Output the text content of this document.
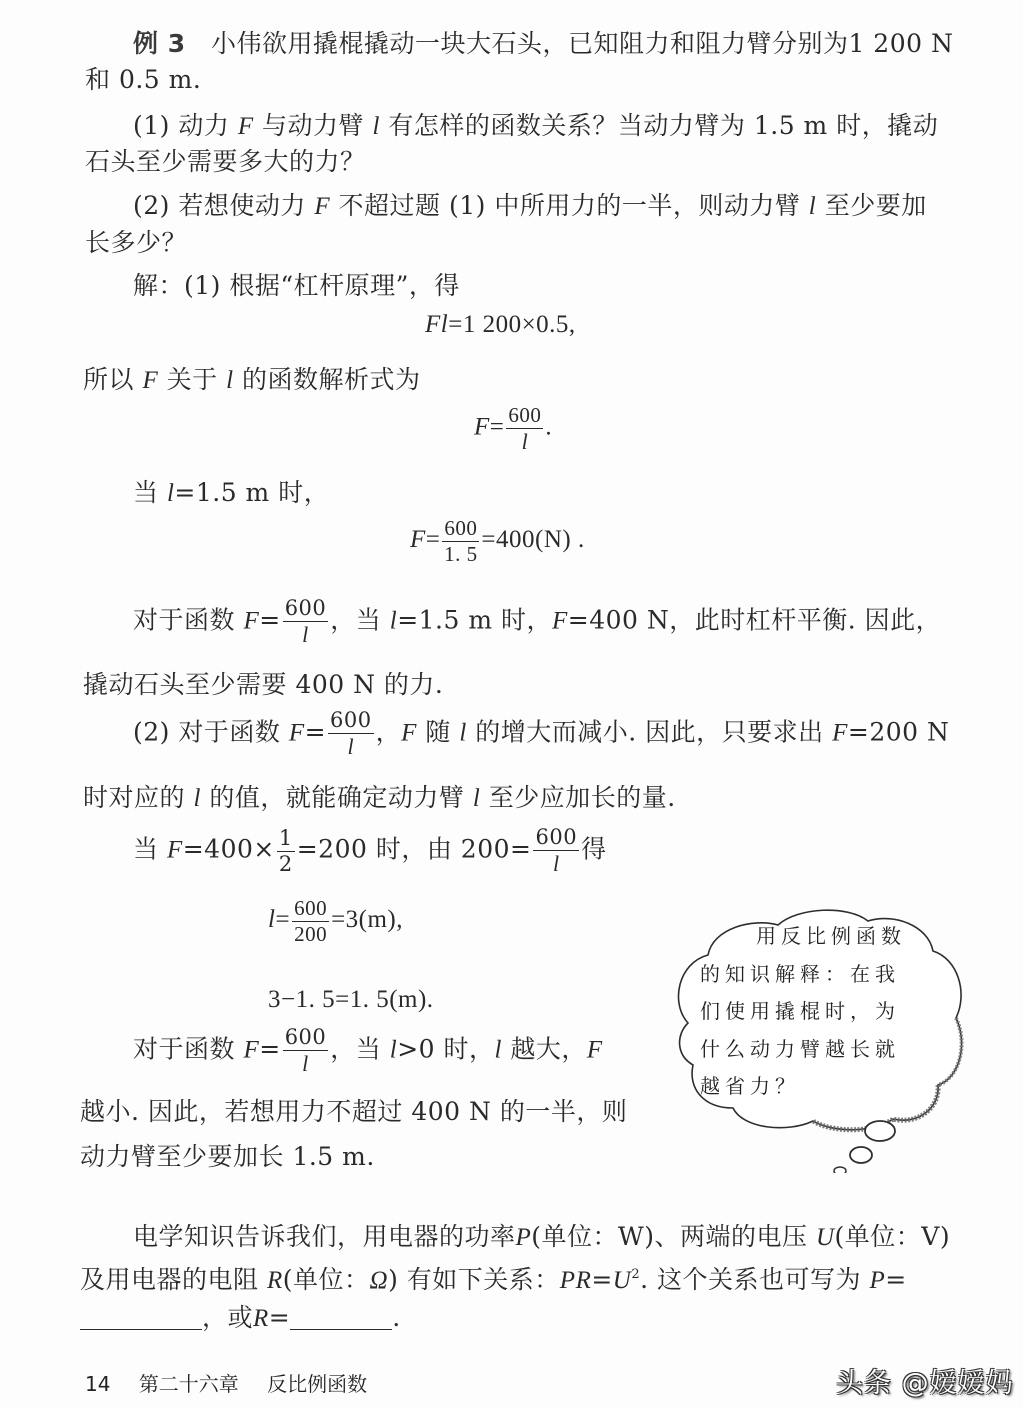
例 3 小伟欲用撬棍撬动一块大石头，已知阻力和阻力臂分别为1 200 N
和 0.5 m.
(1) 动力 F 与动力臂 l 有怎样的函数关系？当动力臂为 1.5 m 时，撬动
石头至少需要多大的力？
(2) 若想使动力 F 不超过题 (1) 中所用力的一半，则动力臂 l 至少要加
长多少？
解：(1) 根据“杠杆原理”，得
Fl=1 200×0.5,
所以 F 关于 l 的函数解析式为
$F= \frac{600}{l}$ .
当 l=1.5 m 时，
$F= \frac{600}{1. 5} =400(N)$ .
对于函数 $F= \frac{600}{l}$ ，当 l=1.5 m 时，F=400 N，此时杠杆平衡. 因此，
撬动石头至少需要 400 N 的力.
(2) 对于函数 $F= \frac{600}{l}$ ，F 随 l 的增大而减小. 因此，只要求出 F=200 N
时对应的 l 的值，就能确定动力臂 l 至少应加长的量.
当 $F=400\times \frac{1}{2} =200$ 时，由 $200= \frac{600}{l}$ 得
$l= \frac{600}{200} =3(m)$,
3−1. 5=1. 5(m).
对于函数 $F= \frac{600}{l}$ ，当 l>0 时，l 越大，F
越小. 因此，若想用力不超过 400 N 的一半，则
动力臂至少要加长 1.5 m.
用反比例函数
的知识解释：在我
们使用撬棍时，为
什么动力臂越长就
越省力？
电学知识告诉我们，用电器的功率P(单位：W)、两端的电压 U(单位：V)
及用电器的电阻 R(单位：Ω) 有如下关系：$PR=U^2$. 这个关系也可写为 P=
，或R=	.
14 第二十六章 反比例函数	头条 @嫒嫒妈
